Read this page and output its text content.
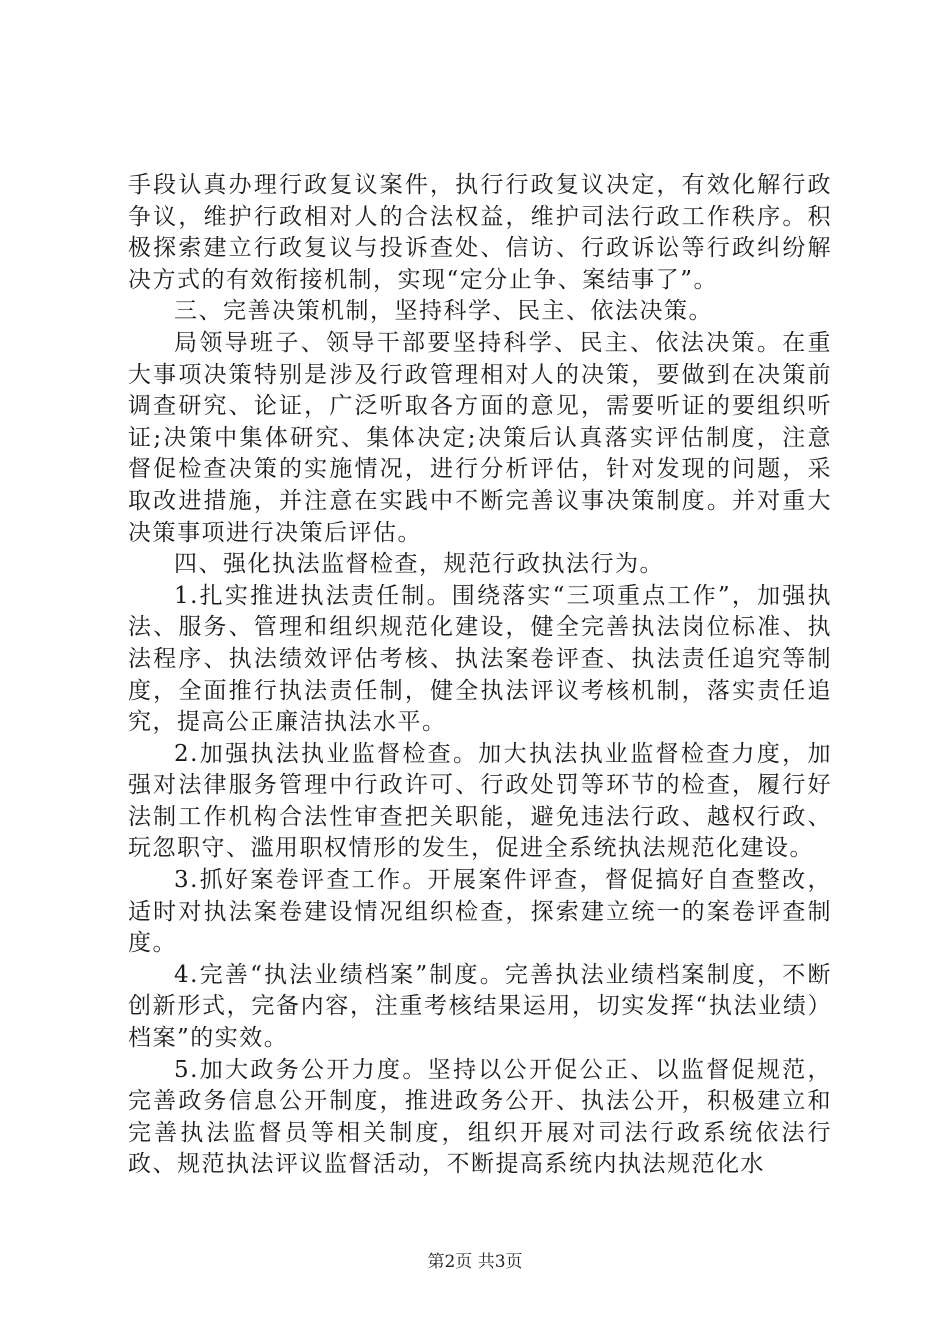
手段认真办理行政复议案件，执行行政复议决定，有效化解行政争议，维护行政相对人的合法权益，维护司法行政工作秩序。积极探索建立行政复议与投诉查处、信访、行政诉讼等行政纠纷解决方式的有效衔接机制，实现“定分止争、案结事了”。

三、完善决策机制，坚持科学、民主、依法决策。

局领导班子、领导干部要坚持科学、民主、依法决策。在重大事项决策特别是涉及行政管理相对人的决策，要做到在决策前调查研究、论证，广泛听取各方面的意见，需要听证的要组织听证;决策中集体研究、集体决定;决策后认真落实评估制度，注意督促检查决策的实施情况，进行分析评估，针对发现的问题，采取改进措施，并注意在实践中不断完善议事决策制度。并对重大决策事项进行决策后评估。

四、强化执法监督检查，规范行政执法行为。

1.扎实推进执法责任制。围绕落实“三项重点工作”，加强执法、服务、管理和组织规范化建设，健全完善执法岗位标准、执法程序、执法绩效评估考核、执法案卷评查、执法责任追究等制度，全面推行执法责任制，健全执法评议考核机制，落实责任追究，提高公正廉洁执法水平。

2.加强执法执业监督检查。加大执法执业监督检查力度，加强对法律服务管理中行政许可、行政处罚等环节的检查，履行好法制工作机构合法性审查把关职能，避免违法行政、越权行政、玩忽职守、滥用职权情形的发生，促进全系统执法规范化建设。

3.抓好案卷评查工作。开展案件评查，督促搞好自查整改，适时对执法案卷建设情况组织检查，探索建立统一的案卷评查制度。

4.完善“执法业绩档案”制度。完善执法业绩档案制度，不断创新形式，完备内容，注重考核结果运用，切实发挥“执法业绩）档案”的实效。

5.加大政务公开力度。坚持以公开促公正、以监督促规范，完善政务信息公开制度，推进政务公开、执法公开，积极建立和完善执法监督员等相关制度，组织开展对司法行政系统依法行政、规范执法评议监督活动，不断提高系统内执法规范化水

第2页 共3页
